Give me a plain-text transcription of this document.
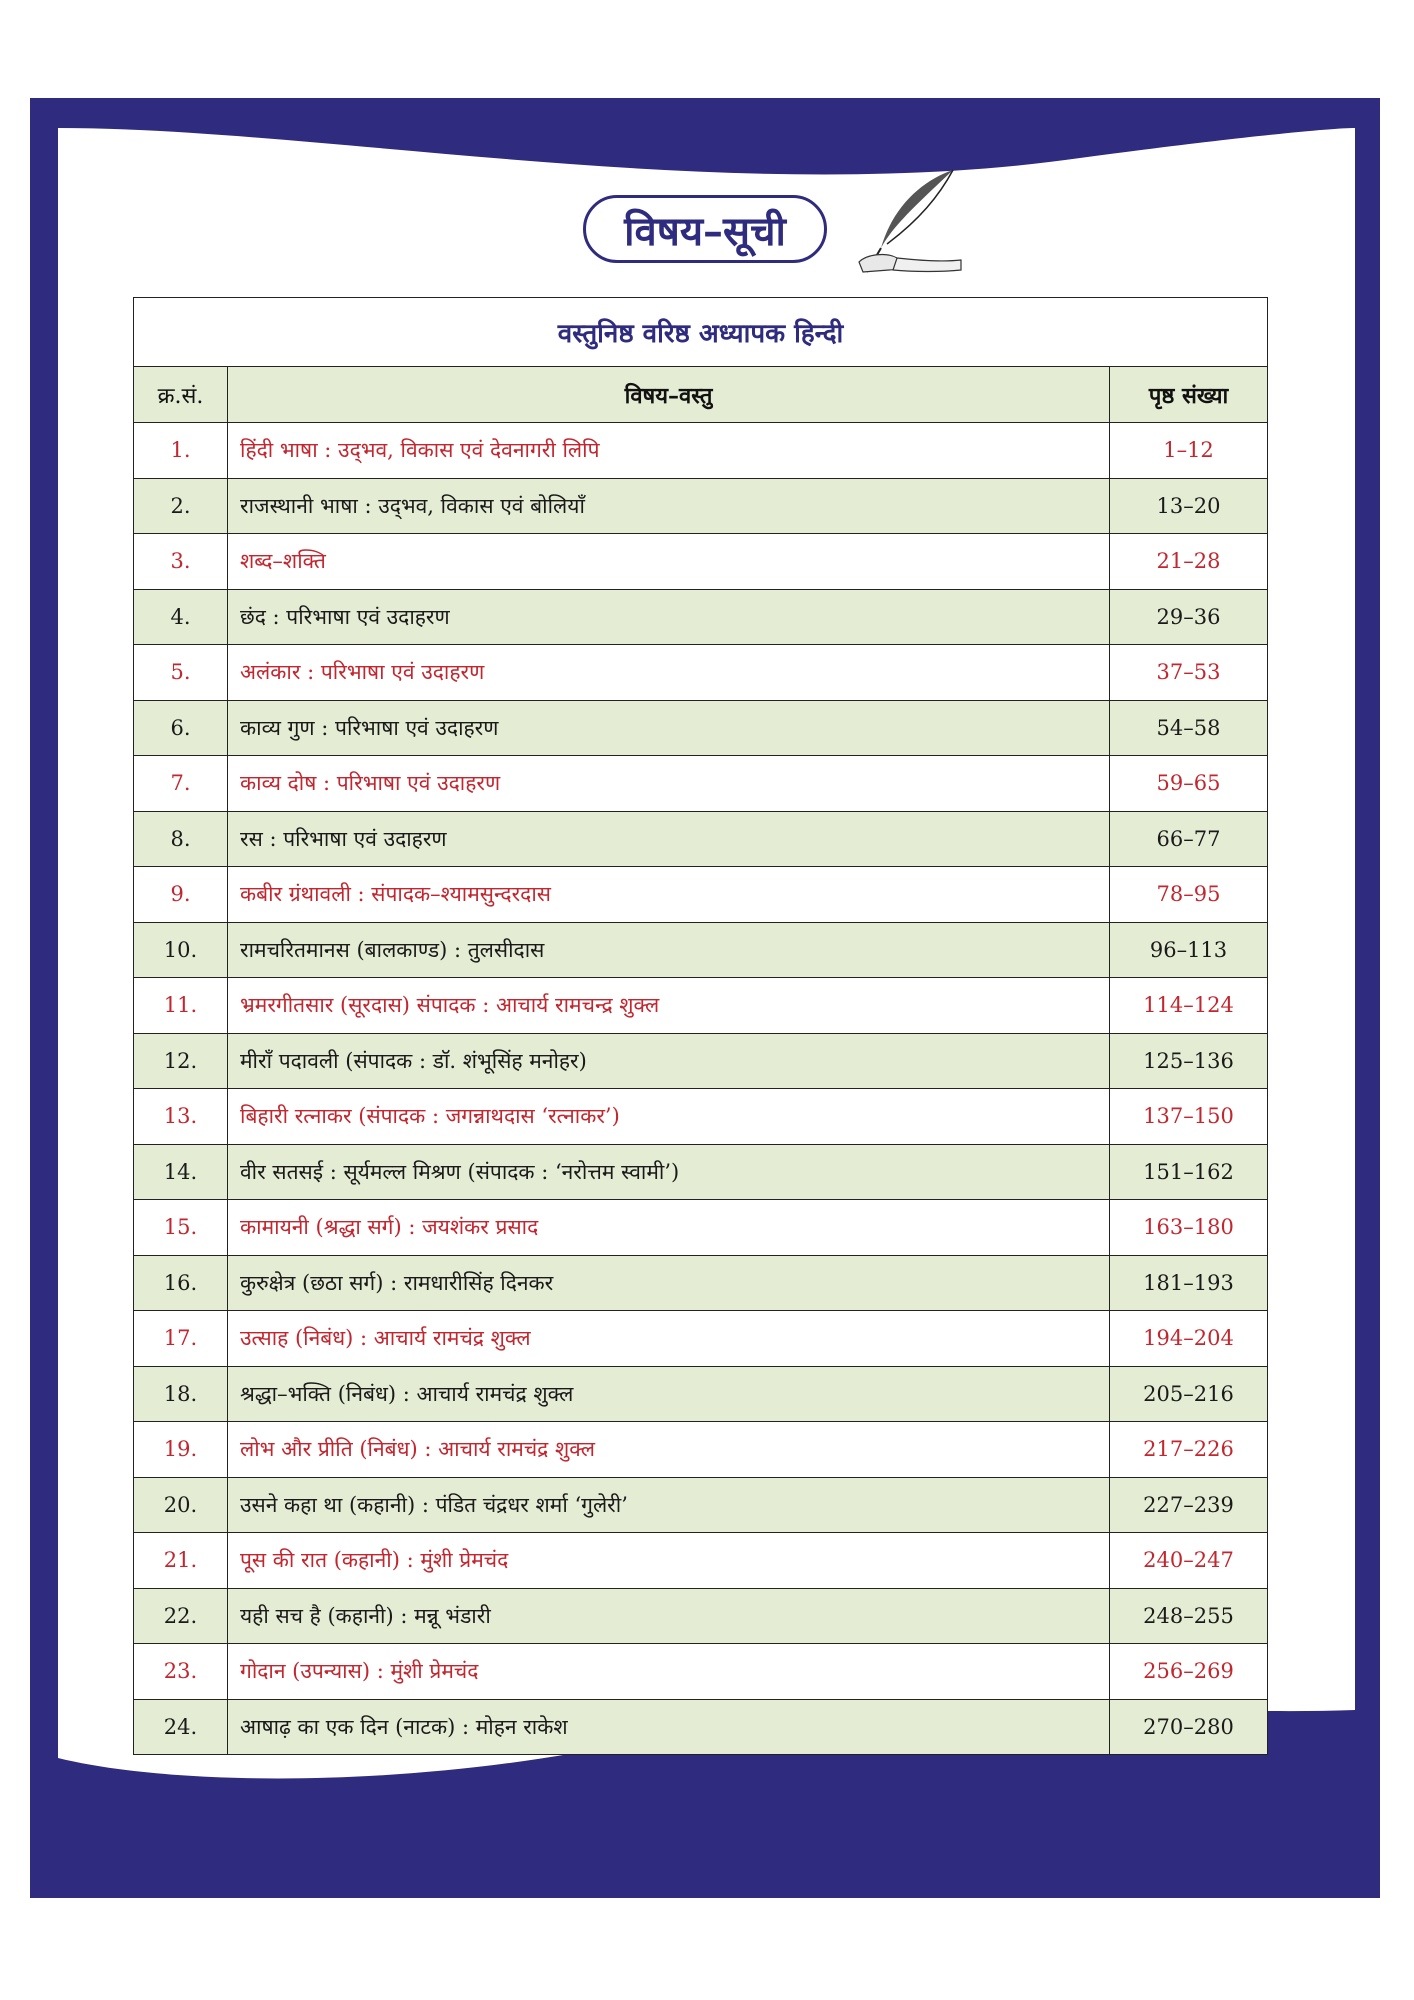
विषय–सूची
वस्तुनिष्ठ वरिष्ठ अध्यापक हिन्दी		
क्र.सं.	विषय–वस्तु	पृष्ठ संख्या
1.	हिंदी भाषा : उद्‌भव, विकास एवं देवनागरी लिपि	1–12
2.	राजस्थानी भाषा : उद्‌भव, विकास एवं बोलियाँ	13–20
3.	शब्द–शक्ति	21–28
4.	छंद : परिभाषा एवं उदाहरण	29–36
5.	अलंकार : परिभाषा एवं उदाहरण	37–53
6.	काव्य गुण : परिभाषा एवं उदाहरण	54–58
7.	काव्य दोष : परिभाषा एवं उदाहरण	59–65
8.	रस : परिभाषा एवं उदाहरण	66–77
9.	कबीर ग्रंथावली : संपादक–श्यामसुन्दरदास	78–95
10.	रामचरितमानस (बालकाण्ड) : तुलसीदास	96–113
11.	भ्रमरगीतसार (सूरदास) संपादक : आचार्य रामचन्द्र शुक्ल	114–124
12.	मीराँ पदावली (संपादक : डॉ. शंभूसिंह मनोहर)	125–136
13.	बिहारी रत्नाकर (संपादक : जगन्नाथदास ‘रत्नाकर’)	137–150
14.	वीर सतसई : सूर्यमल्ल मिश्रण (संपादक : ‘नरोत्तम स्वामी’)	151–162
15.	कामायनी (श्रद्धा सर्ग) : जयशंकर प्रसाद	163–180
16.	कुरुक्षेत्र (छठा सर्ग) : रामधारीसिंह दिनकर	181–193
17.	उत्साह (निबंध) : आचार्य रामचंद्र शुक्ल	194–204
18.	श्रद्धा–भक्ति (निबंध) : आचार्य रामचंद्र शुक्ल	205–216
19.	लोभ और प्रीति (निबंध) : आचार्य रामचंद्र शुक्ल	217–226
20.	उसने कहा था (कहानी) : पंडित चंद्रधर शर्मा ‘गुलेरी’	227–239
21.	पूस की रात (कहानी) : मुंशी प्रेमचंद	240–247
22.	यही सच है (कहानी) : मन्नू भंडारी	248–255
23.	गोदान (उपन्यास) : मुंशी प्रेमचंद	256–269
24.	आषाढ़ का एक दिन (नाटक) : मोहन राकेश	270–280
